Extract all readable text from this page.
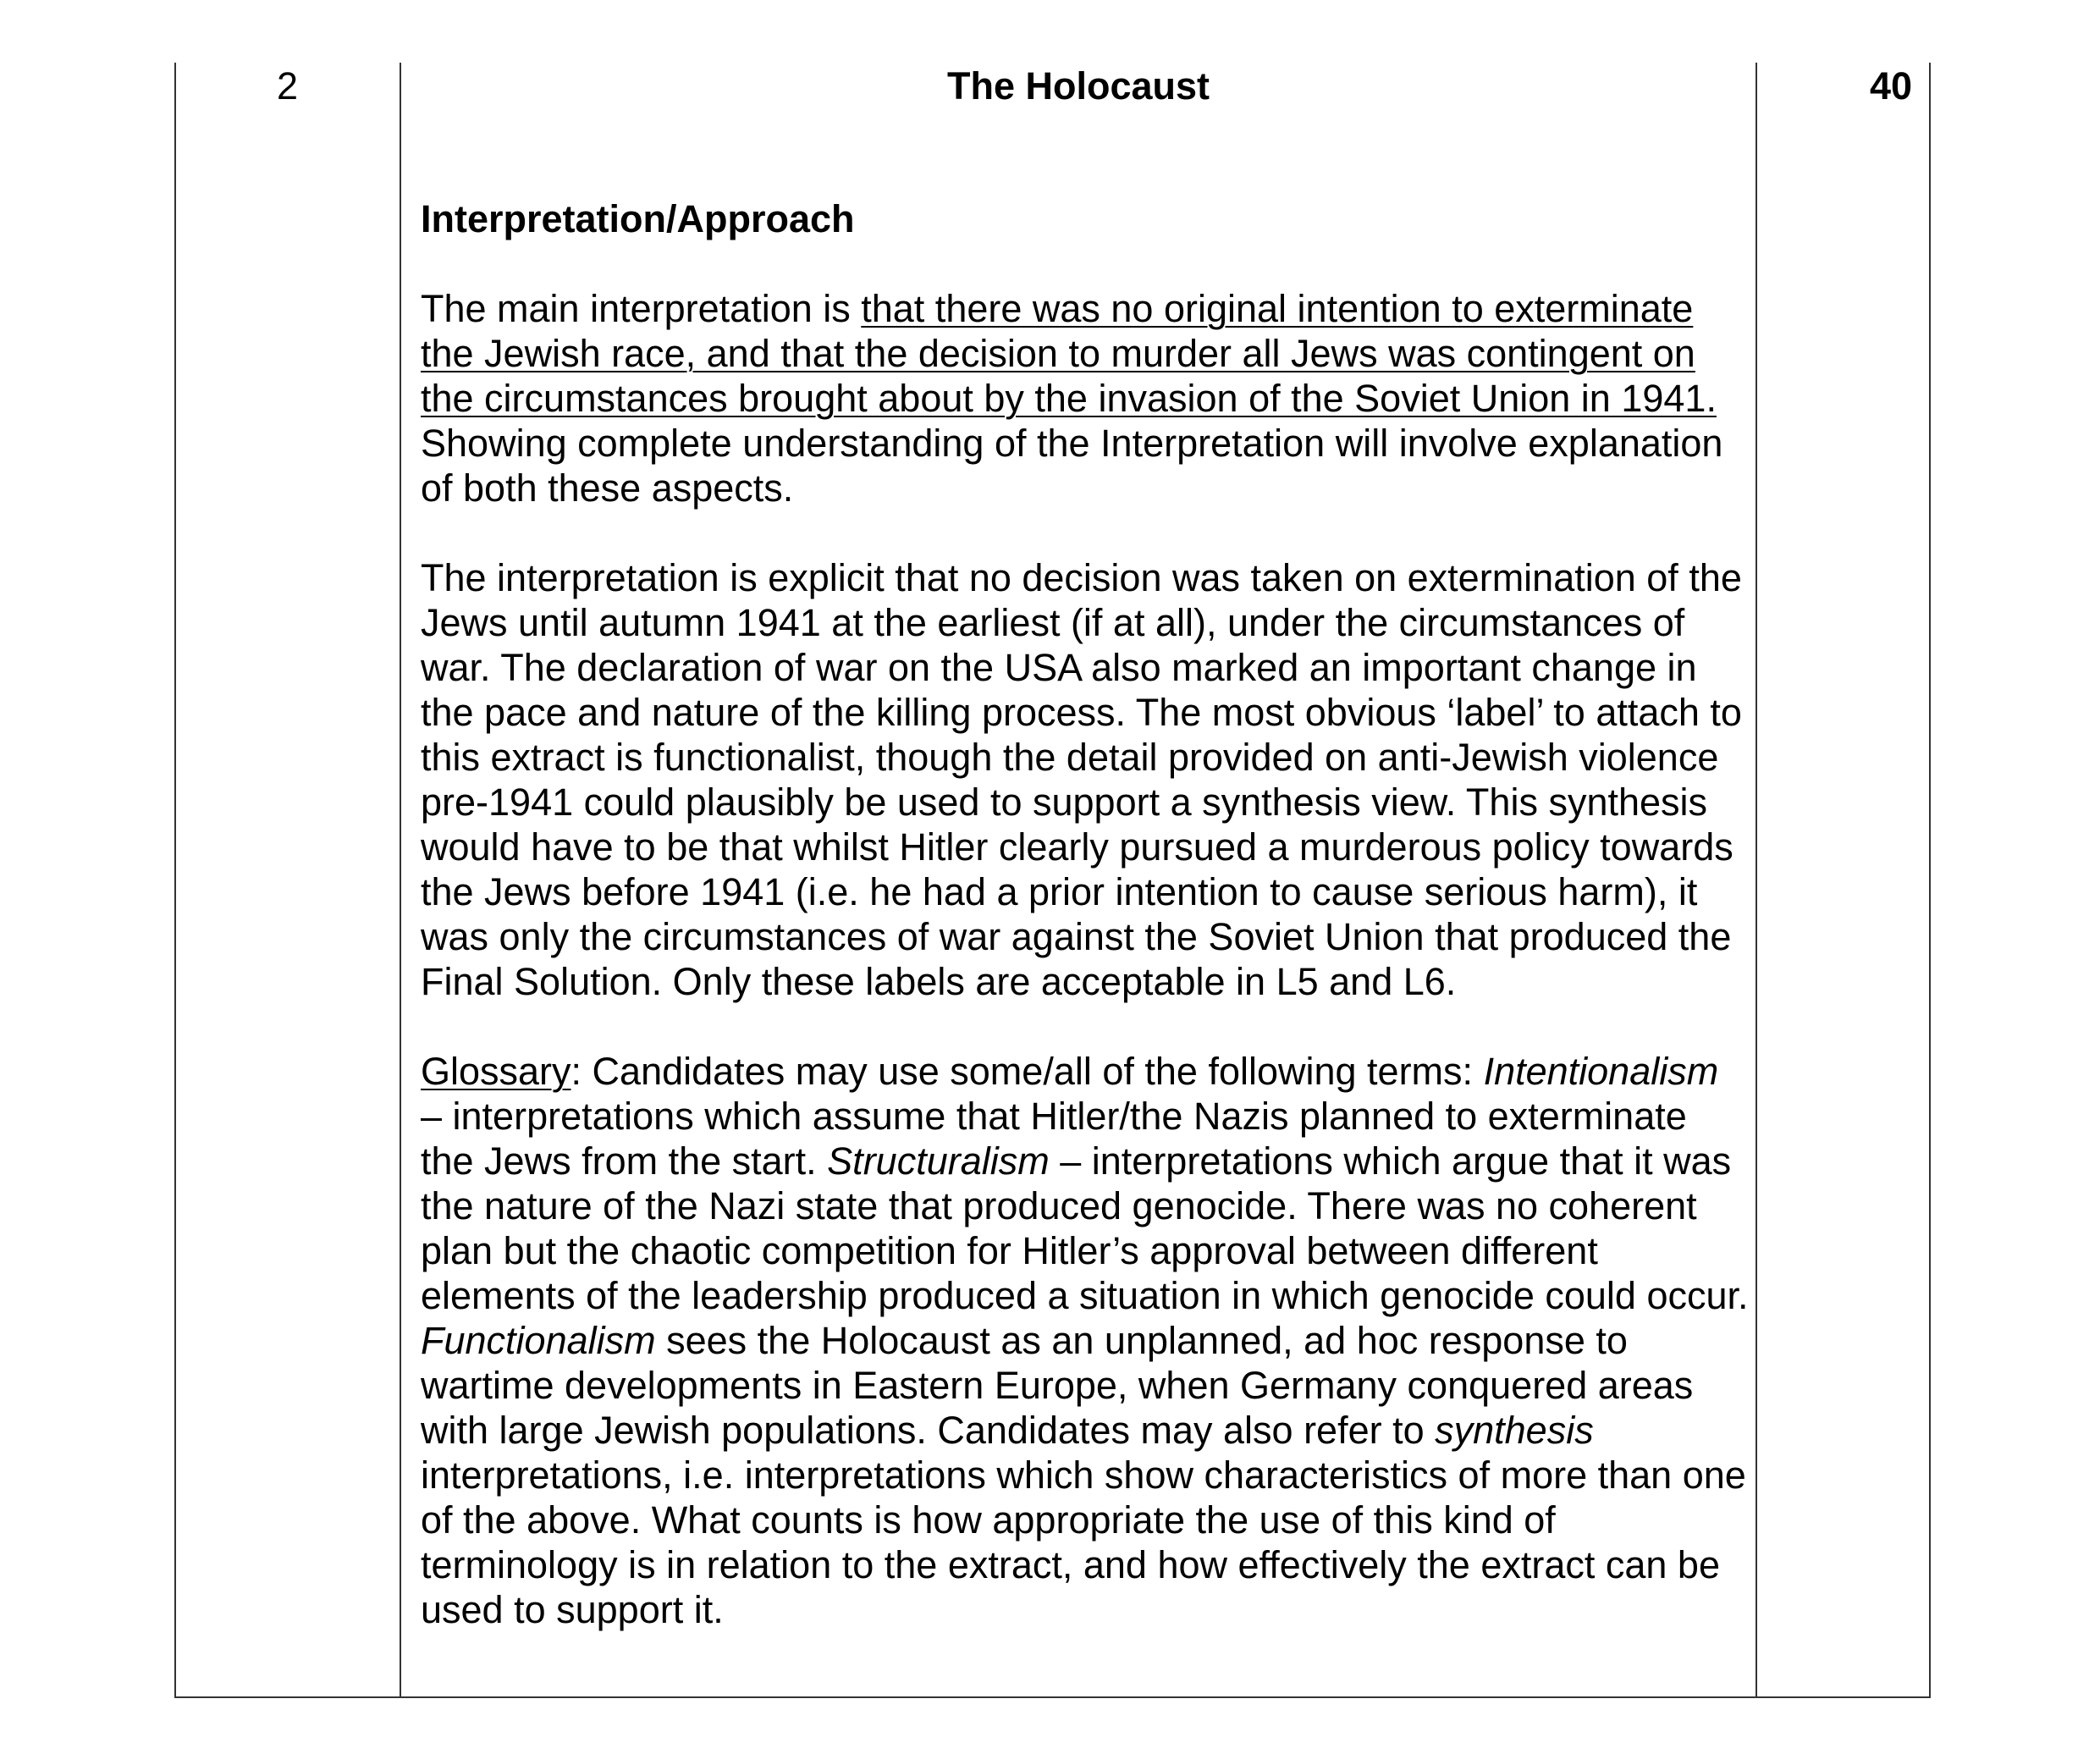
2	The Holocaust	40

Interpretation/Approach

The main interpretation is that there was no original intention to exterminate the Jewish race, and that the decision to murder all Jews was contingent on the circumstances brought about by the invasion of the Soviet Union in 1941. Showing complete understanding of the Interpretation will involve explanation of both these aspects.

The interpretation is explicit that no decision was taken on extermination of the Jews until autumn 1941 at the earliest (if at all), under the circumstances of war. The declaration of war on the USA also marked an important change in the pace and nature of the killing process. The most obvious ‘label’ to attach to this extract is functionalist, though the detail provided on anti-Jewish violence pre-1941 could plausibly be used to support a synthesis view. This synthesis would have to be that whilst Hitler clearly pursued a murderous policy towards the Jews before 1941 (i.e. he had a prior intention to cause serious harm), it was only the circumstances of war against the Soviet Union that produced the Final Solution. Only these labels are acceptable in L5 and L6.

Glossary: Candidates may use some/all of the following terms: Intentionalism – interpretations which assume that Hitler/the Nazis planned to exterminate the Jews from the start. Structuralism – interpretations which argue that it was the nature of the Nazi state that produced genocide. There was no coherent plan but the chaotic competition for Hitler’s approval between different elements of the leadership produced a situation in which genocide could occur. Functionalism sees the Holocaust as an unplanned, ad hoc response to wartime developments in Eastern Europe, when Germany conquered areas with large Jewish populations. Candidates may also refer to synthesis interpretations, i.e. interpretations which show characteristics of more than one of the above. What counts is how appropriate the use of this kind of terminology is in relation to the extract, and how effectively the extract can be used to support it.
